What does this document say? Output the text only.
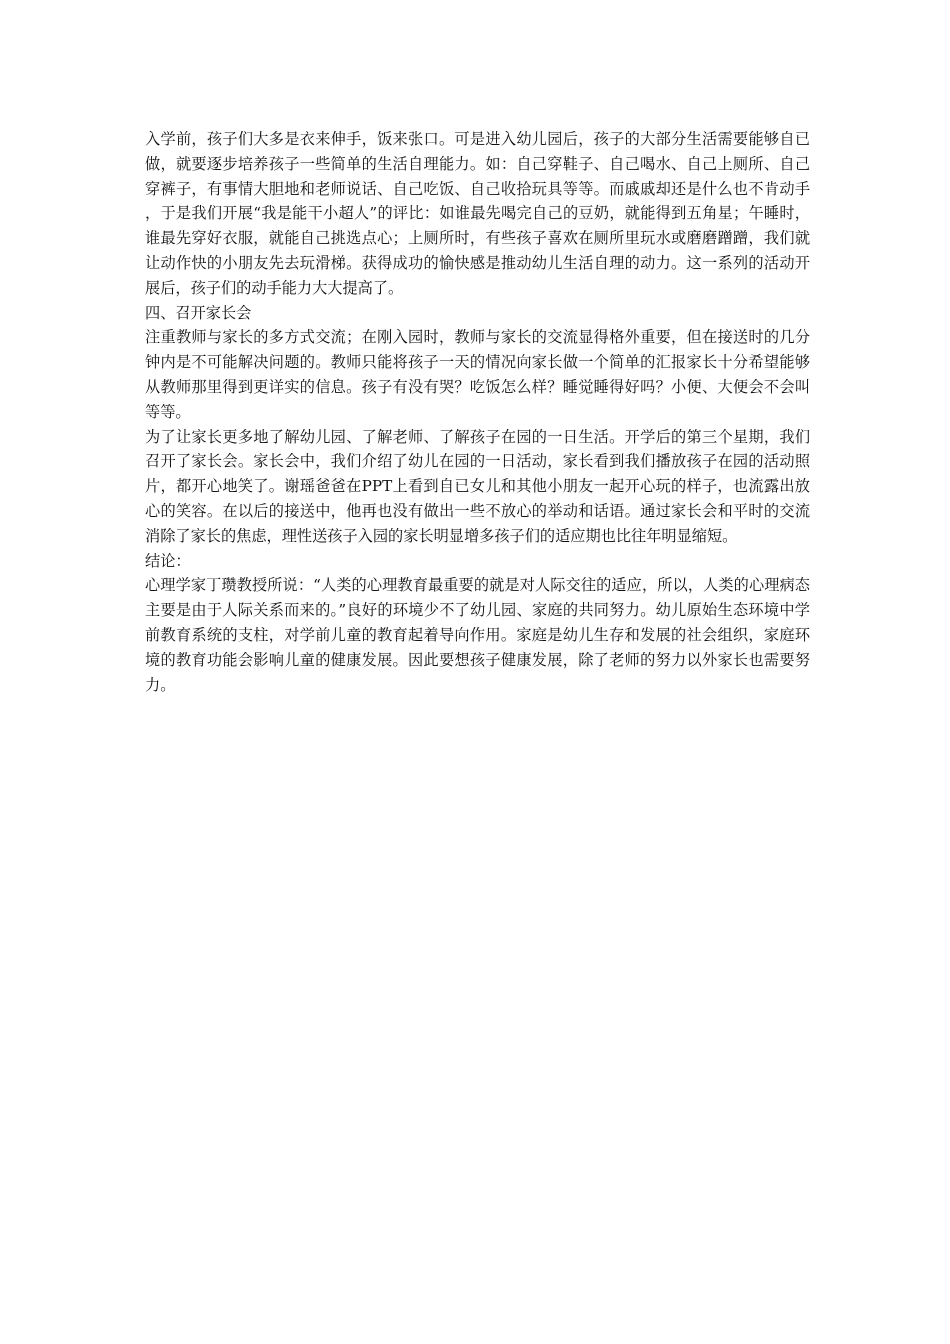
入学前，孩子们大多是衣来伸手，饭来张口。可是进入幼儿园后，孩子的大部分生活需要能够自已做，就要逐步培养孩子一些简单的生活自理能力。如：自己穿鞋子、自己喝水、自己上厕所、自己穿裤子，有事情大胆地和老师说话、自己吃饭、自己收拾玩具等等。而戚戚却还是什么也不肯动手，于是我们开展“我是能干小超人”的评比：如谁最先喝完自己的豆奶，就能得到五角星；午睡时，谁最先穿好衣服，就能自己挑选点心；上厕所时，有些孩子喜欢在厕所里玩水或磨磨蹭蹭，我们就让动作快的小朋友先去玩滑梯。获得成功的愉快感是推动幼儿生活自理的动力。这一系列的活动开展后，孩子们的动手能力大大提高了。

四、召开家长会

注重教师与家长的多方式交流；在刚入园时，教师与家长的交流显得格外重要，但在接送时的几分钟内是不可能解决问题的。教师只能将孩子一天的情况向家长做一个简单的汇报家长十分希望能够从教师那里得到更详实的信息。孩子有没有哭？吃饭怎么样？睡觉睡得好吗？小便、大便会不会叫等等。

为了让家长更多地了解幼儿园、了解老师、了解孩子在园的一日生活。开学后的第三个星期，我们召开了家长会。家长会中，我们介绍了幼儿在园的一日活动，家长看到我们播放孩子在园的活动照片，都开心地笑了。谢瑶爸爸在PPT上看到自已女儿和其他小朋友一起开心玩的样子，也流露出放心的笑容。在以后的接送中，他再也没有做出一些不放心的举动和话语。通过家长会和平时的交流消除了家长的焦虑，理性送孩子入园的家长明显增多孩子们的适应期也比往年明显缩短。

结论：

心理学家丁瓒教授所说：“人类的心理教育最重要的就是对人际交往的适应，所以，人类的心理病态主要是由于人际关系而来的。”良好的环境少不了幼儿园、家庭的共同努力。幼儿原始生态环境中学前教育系统的支柱，对学前儿童的教育起着导向作用。家庭是幼儿生存和发展的社会组织，家庭环境的教育功能会影响儿童的健康发展。因此要想孩子健康发展，除了老师的努力以外家长也需要努力。
